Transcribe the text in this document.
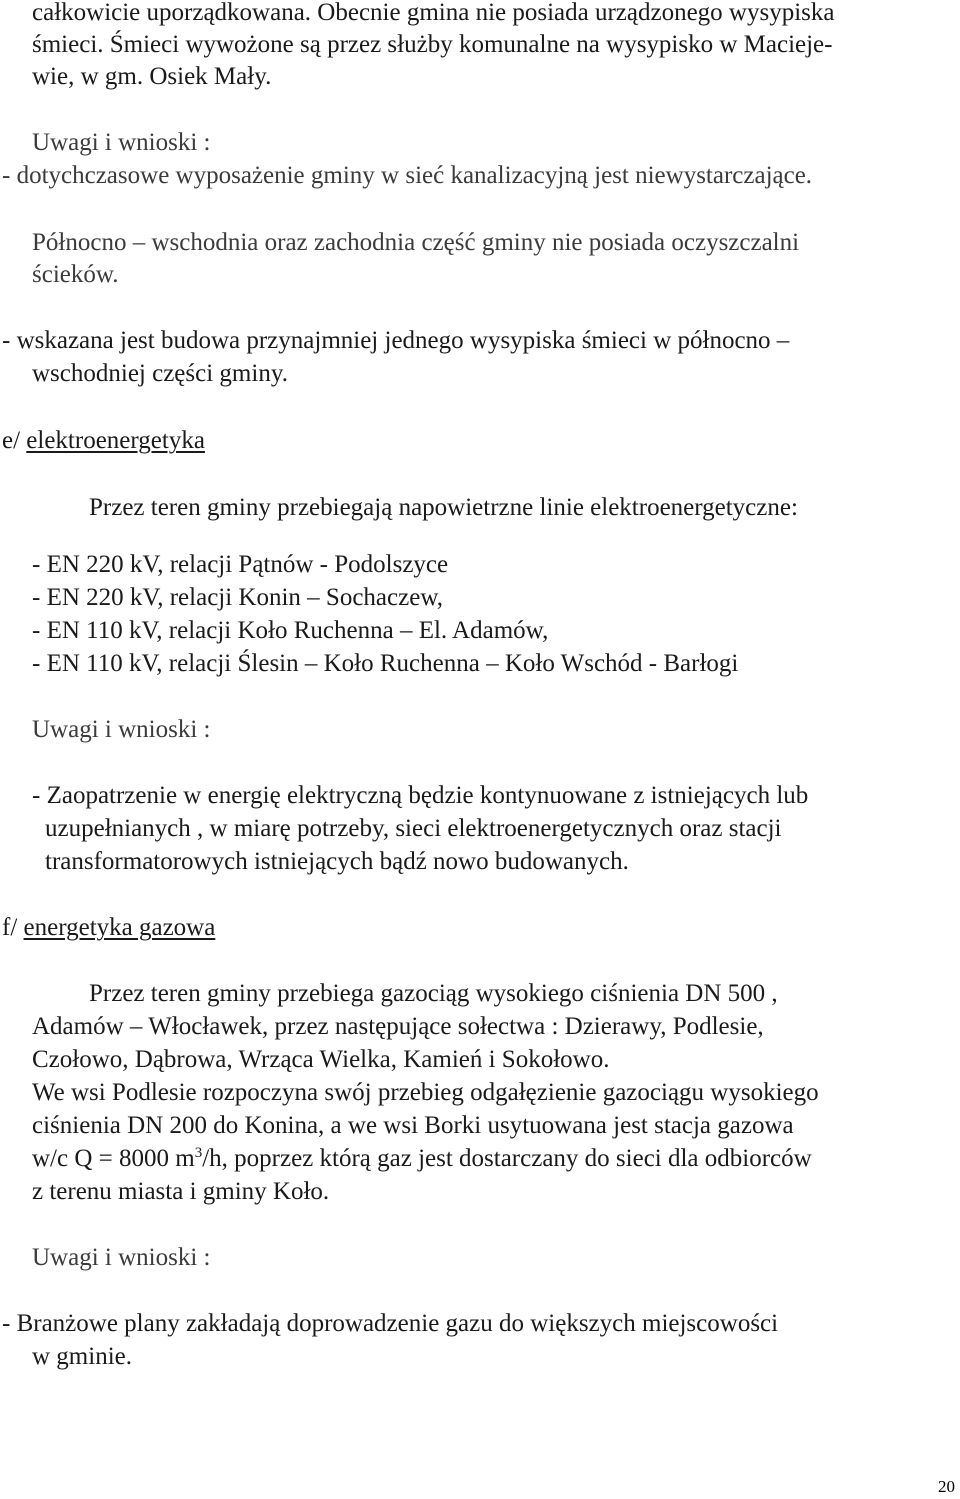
całkowicie uporządkowana. Obecnie gmina nie posiada urządzonego wysypiska
śmieci. Śmieci wywożone są przez służby komunalne na wysypisko w Macieje-
wie, w gm. Osiek Mały.
Uwagi i wnioski :
- dotychczasowe wyposażenie gminy w sieć kanalizacyjną jest niewystarczające.
Północno – wschodnia oraz zachodnia część gminy nie posiada oczyszczalni
ścieków.
- wskazana jest budowa przynajmniej jednego wysypiska śmieci w północno –
wschodniej części gminy.
e/ elektroenergetyka
Przez teren gminy przebiegają napowietrzne linie elektroenergetyczne:
- EN 220 kV, relacji Pątnów - Podolszyce
- EN 220 kV, relacji Konin – Sochaczew,
- EN 110 kV, relacji Koło Ruchenna – El. Adamów,
- EN 110 kV, relacji Ślesin – Koło Ruchenna – Koło Wschód - Barłogi
Uwagi i wnioski :
- Zaopatrzenie w energię elektryczną będzie kontynuowane z istniejących lub
uzupełnianych , w miarę potrzeby, sieci elektroenergetycznych oraz stacji
transformatorowych istniejących bądź nowo budowanych.
f/ energetyka gazowa
Przez teren gminy przebiega gazociąg wysokiego ciśnienia DN 500 ,
Adamów – Włocławek, przez następujące sołectwa : Dzierawy, Podlesie,
Czołowo, Dąbrowa, Wrząca Wielka, Kamień i Sokołowo.
We wsi Podlesie rozpoczyna swój przebieg odgałęzienie gazociągu wysokiego
ciśnienia DN 200 do Konina, a we wsi Borki usytuowana jest stacja gazowa
w/c Q = 8000 $m^3/h$, poprzez którą gaz jest dostarczany do sieci dla odbiorców
z terenu miasta i gminy Koło.
Uwagi i wnioski :
- Branżowe plany zakładają doprowadzenie gazu do większych miejscowości
w gminie.
20
